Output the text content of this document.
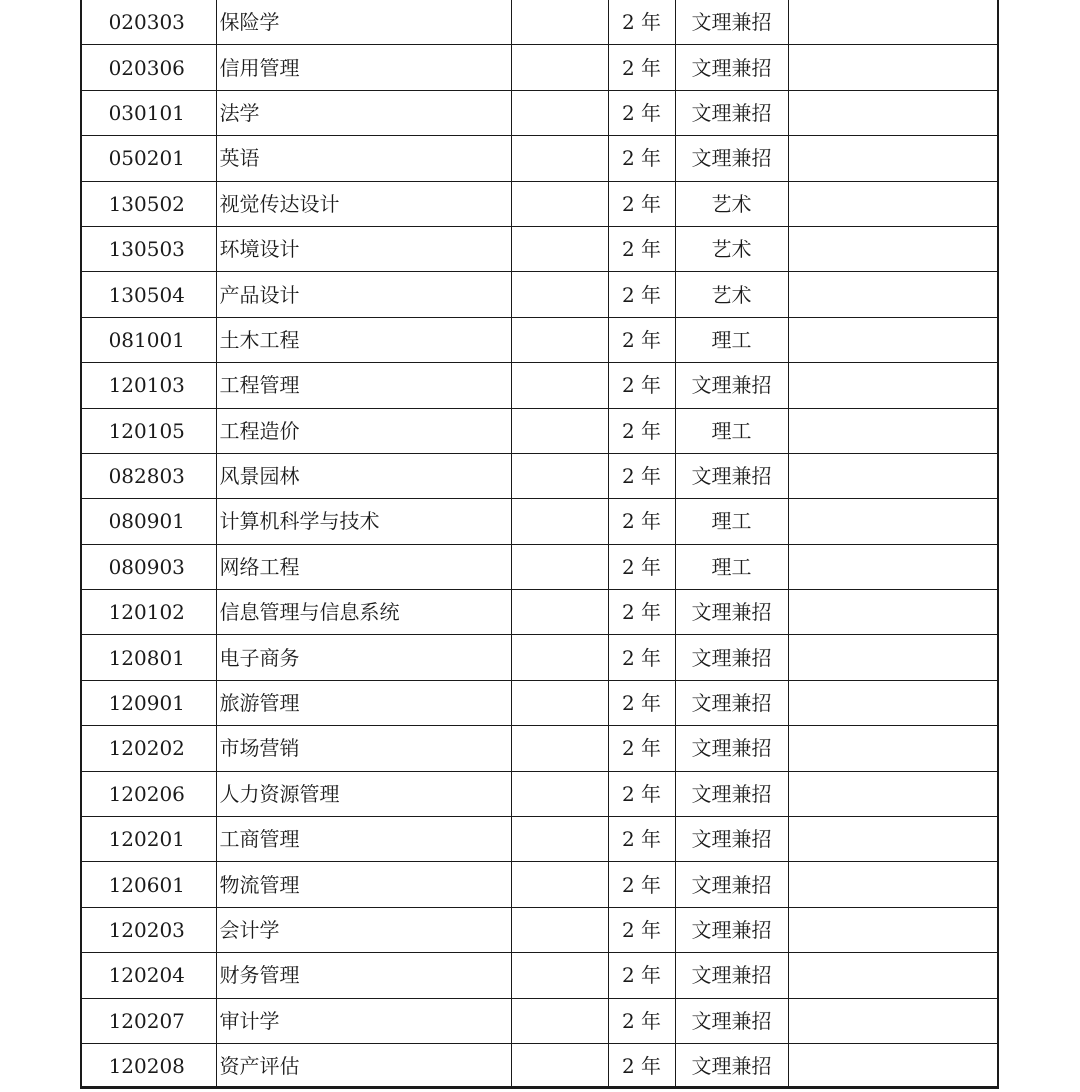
020303	保险学		2 年	文理兼招	
020306	信用管理		2 年	文理兼招	
030101	法学		2 年	文理兼招	
050201	英语		2 年	文理兼招	
130502	视觉传达设计		2 年	艺术	
130503	环境设计		2 年	艺术	
130504	产品设计		2 年	艺术	
081001	土木工程		2 年	理工	
120103	工程管理		2 年	文理兼招	
120105	工程造价		2 年	理工	
082803	风景园林		2 年	文理兼招	
080901	计算机科学与技术		2 年	理工	
080903	网络工程		2 年	理工	
120102	信息管理与信息系统		2 年	文理兼招	
120801	电子商务		2 年	文理兼招	
120901	旅游管理		2 年	文理兼招	
120202	市场营销		2 年	文理兼招	
120206	人力资源管理		2 年	文理兼招	
120201	工商管理		2 年	文理兼招	
120601	物流管理		2 年	文理兼招	
120203	会计学		2 年	文理兼招	
120204	财务管理		2 年	文理兼招	
120207	审计学		2 年	文理兼招	
120208	资产评估		2 年	文理兼招	
